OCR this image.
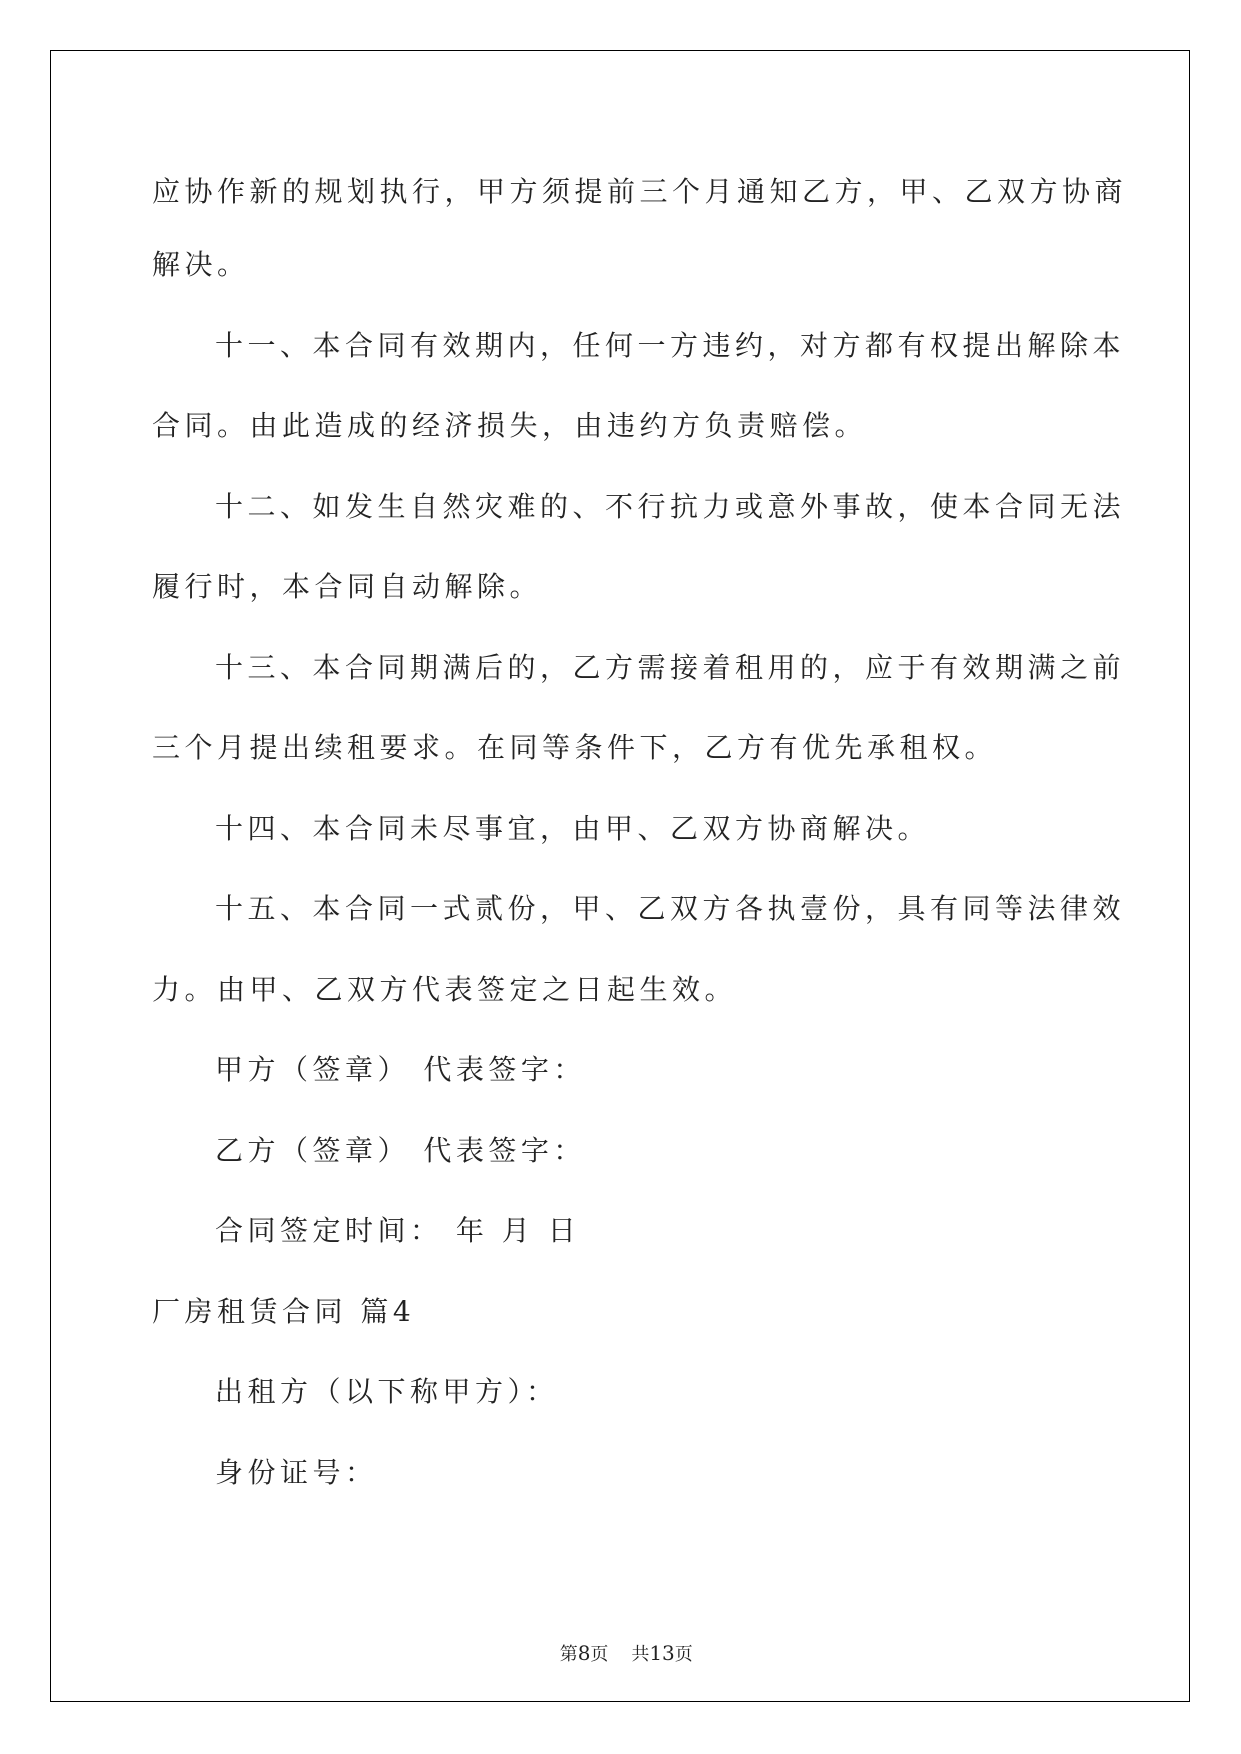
应协作新的规划执行，甲方须提前三个月通知乙方，甲、乙双方协商
解决。
十一、本合同有效期内，任何一方违约，对方都有权提出解除本
合同。由此造成的经济损失，由违约方负责赔偿。
十二、如发生自然灾难的、不行抗力或意外事故，使本合同无法
履行时，本合同自动解除。
十三、本合同期满后的，乙方需接着租用的，应于有效期满之前
三个月提出续租要求。在同等条件下，乙方有优先承租权。
十四、本合同未尽事宜，由甲、乙双方协商解决。
十五、本合同一式贰份，甲、乙双方各执壹份，具有同等法律效
力。由甲、乙双方代表签定之日起生效。
甲方（签章） 代表签字：
乙方（签章） 代表签字：
合同签定时间： 年 月 日
厂房租赁合同 篇4
出租方（以下称甲方）：
身份证号：

第8页 共13页
